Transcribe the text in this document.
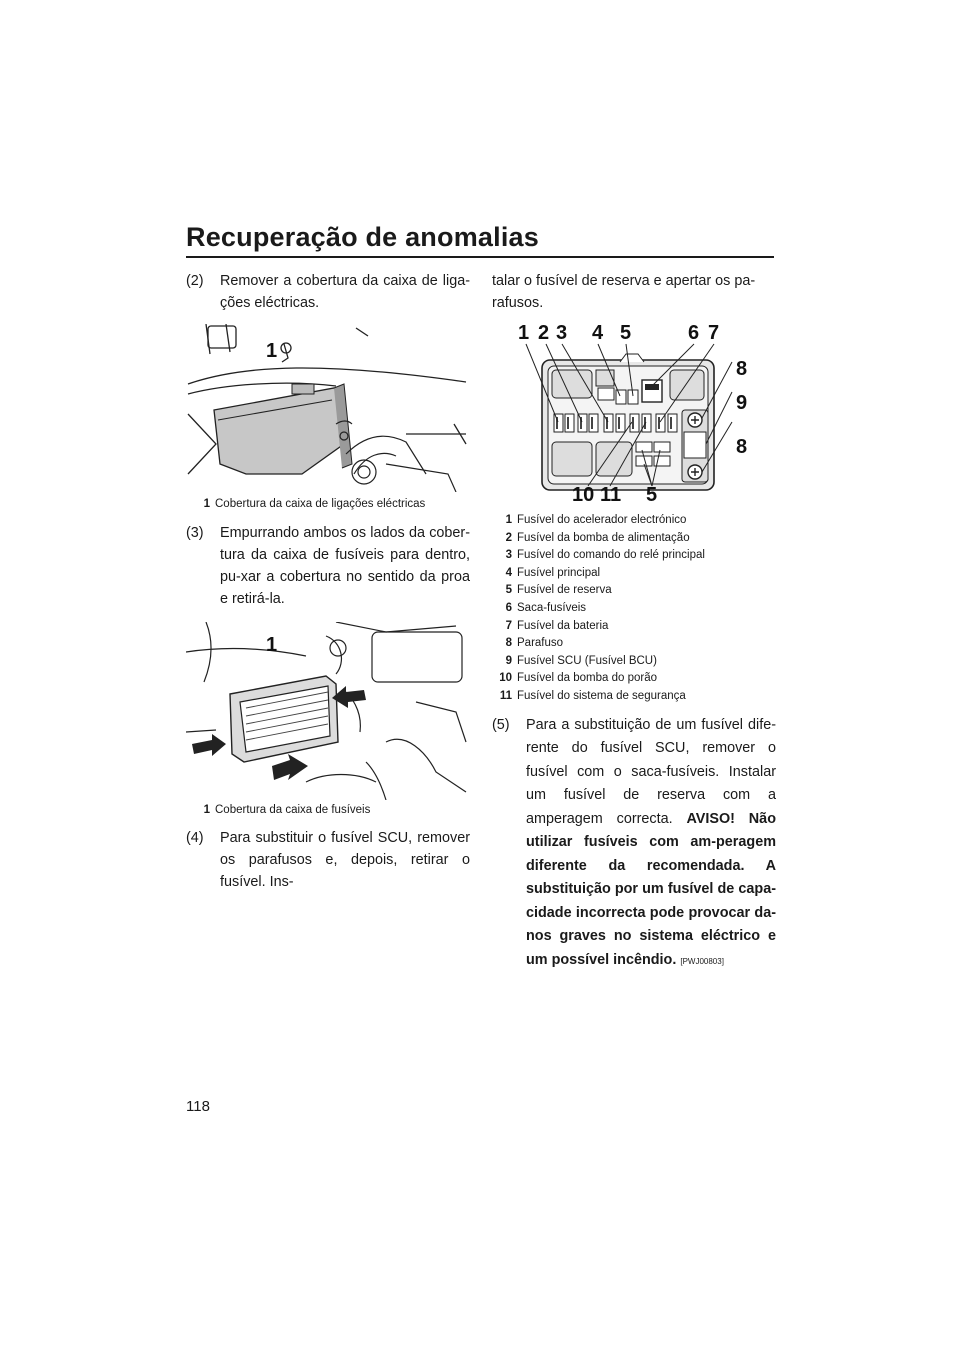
Recuperação de anomalias

(2) Remover a cobertura da caixa de liga-ções eléctricas.

1

1 Cobertura da caixa de ligações eléctricas

(3) Empurrando ambos os lados da cober-tura da caixa de fusíveis para dentro, pu-xar a cobertura no sentido da proa e retirá-la.

1

1 Cobertura da caixa de fusíveis

(4) Para substituir o fusível SCU, remover os parafusos e, depois, retirar o fusível. Ins-

talar o fusível de reserva e apertar os pa-rafusos.

1 2 3 4 5	6 7
8
9
8
10 11 5
1 Fusível do acelerador electrónico
2 Fusível da bomba de alimentação
3 Fusível do comando do relé principal
4 Fusível principal
5 Fusível de reserva
6 Saca-fusíveis
7 Fusível da bateria
8 Parafuso
9 Fusível SCU (Fusível BCU)
10 Fusível da bomba do porão
11 Fusível do sistema de segurança

(5) Para a substituição de um fusível dife-rente do fusível SCU, remover o fusível com o saca-fusíveis. Instalar um fusível de reserva com a amperagem correcta. AVISO! Não utilizar fusíveis com am-peragem diferente da recomendada. A substituição por um fusível de capa-cidade incorrecta pode provocar da-nos graves no sistema eléctrico e um possível incêndio. [PWJ00803]

118
